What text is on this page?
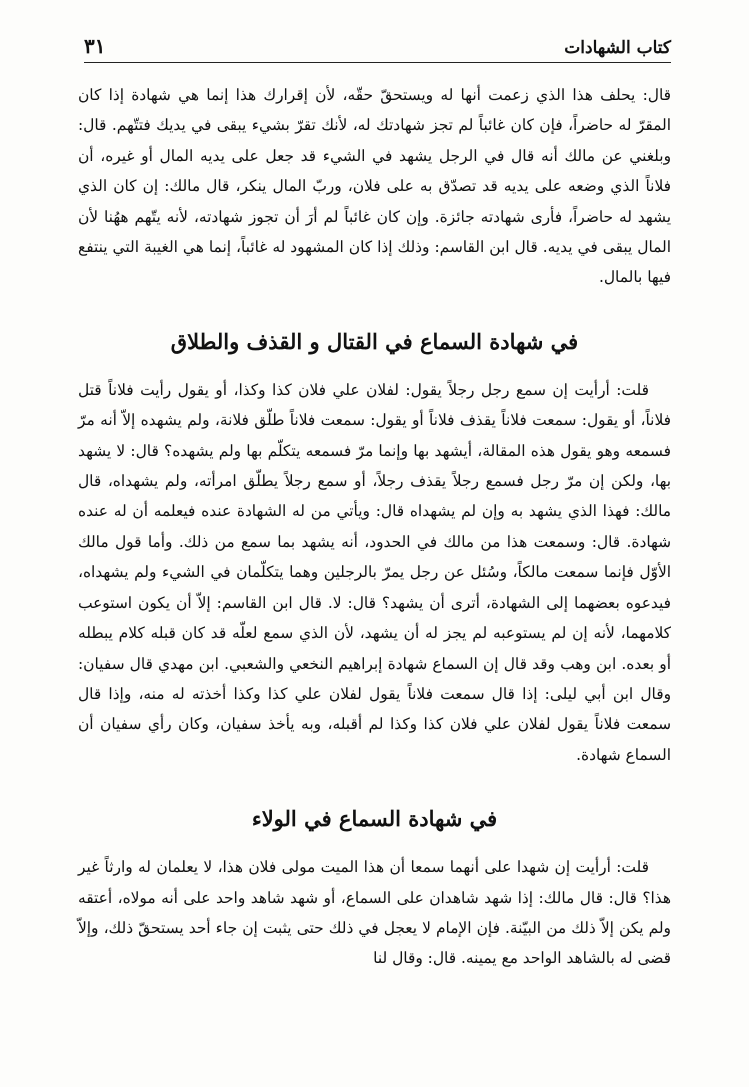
كتاب الشهادات
٣١

قال: يحلف هذا الذي زعمت أنها له ويستحقّ حقّه، لأن إقرارك هذا إنما هي شهادة إذا كان المقرّ له حاضراً، فإن كان غائباً لم تجز شهادتك له، لأنك تقرّ بشيء يبقى في يديك فتتّهم. قال: وبلغني عن مالك أنه قال في الرجل يشهد في الشيء قد جعل على يديه المال أو غيره، أن فلاناً الذي وضعه على يديه قد تصدّق به على فلان، وربّ المال ينكر، قال مالك: إن كان الذي يشهد له حاضراً، فأرى شهادته جائزة. وإن كان غائباً لم أرَ أن تجوز شهادته، لأنه يتّهم ههُنا لأن المال يبقى في يديه. قال ابن القاسم: وذلك إذا كان المشهود له غائباً، إنما هي الغيبة التي ينتفع فيها بالمال.

في شهادة السماع في القتال و القذف والطلاق

قلت: أرأيت إن سمع رجل رجلاً يقول: لفلان علي فلان كذا وكذا، أو يقول رأيت فلاناً قتل فلاناً، أو يقول: سمعت فلاناً يقذف فلاناً أو يقول: سمعت فلاناً طلّق فلانة، ولم يشهده إلاّ أنه مرّ فسمعه وهو يقول هذه المقالة، أيشهد بها وإنما مرّ فسمعه يتكلّم بها ولم يشهده؟ قال: لا يشهد بها، ولكن إن مرّ رجل فسمع رجلاً يقذف رجلاً، أو سمع رجلاً يطلّق امرأته، ولم يشهداه، قال مالك: فهذا الذي يشهد به وإن لم يشهداه قال: ويأتي من له الشهادة عنده فيعلمه أن له عنده شهادة. قال: وسمعت هذا من مالك في الحدود، أنه يشهد بما سمع من ذلك. وأما قول مالك الأوّل فإنما سمعت مالكاً، وسُئل عن رجل يمرّ بالرجلين وهما يتكلّمان في الشيء ولم يشهداه، فيدعوه بعضهما إلى الشهادة، أترى أن يشهد؟ قال: لا. قال ابن القاسم: إلاّ أن يكون استوعب كلامهما، لأنه إن لم يستوعبه لم يجز له أن يشهد، لأن الذي سمع لعلّه قد كان قبله كلام يبطله أو بعده. ابن وهب وقد قال إن السماع شهادة إبراهيم النخعي والشعبي. ابن مهدي قال سفيان: وقال ابن أبي ليلى: إذا قال سمعت فلاناً يقول لفلان علي كذا وكذا أخذته له منه، وإذا قال سمعت فلاناً يقول لفلان علي فلان كذا وكذا لم أقبله، وبه يأخذ سفيان، وكان رأي سفيان أن السماع شهادة.

في شهادة السماع في الولاء

قلت: أرأيت إن شهدا على أنهما سمعا أن هذا الميت مولى فلان هذا، لا يعلمان له وارثاً غير هذا؟ قال: قال مالك: إذا شهد شاهدان على السماع، أو شهد شاهد واحد على أنه مولاه، أعتقه ولم يكن إلاّ ذلك من البيّنة. فإن الإمام لا يعجل في ذلك حتى يثبت إن جاء أحد يستحقّ ذلك، وإلاّ قضى له بالشاهد الواحد مع يمينه. قال: وقال لنا
